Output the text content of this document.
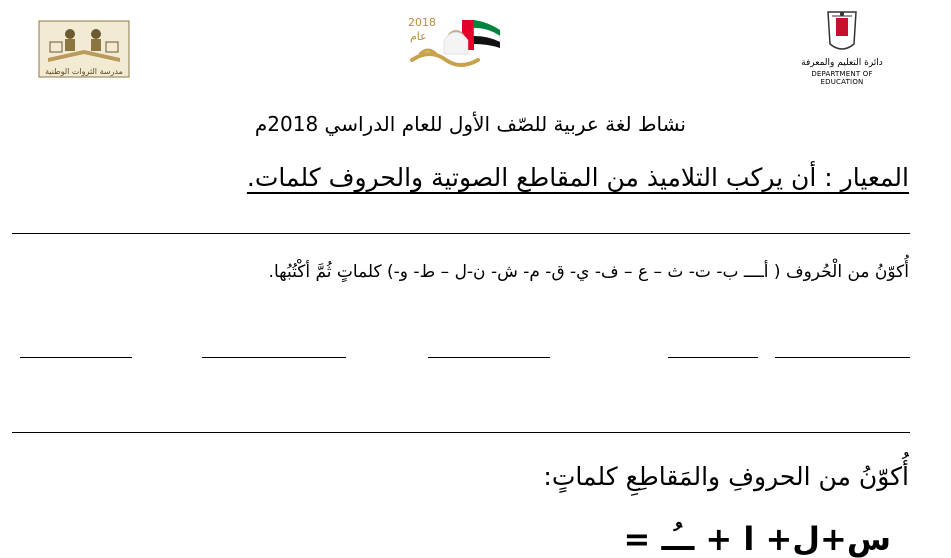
مدرسة الثروات الوطنية
2018
عام
دائرة التعليم والمعرفة
DEPARTMENT OF EDUCATION
نشاط لغة عربية للصّف الأول للعام الدراسي 2018م
المعيار : أن يركب التلاميذ من المقاطع الصوتية والحروف كلمات.
أُكوّنُ من الْحُروف ( أــــ ب- ت- ث – ع – ف- ي- ق- م- ش- ن-ل – ط- و-) كلماتٍ ثُمَّ أكْتُبُها.
أُكوّنُ من الحروفِ والمَقاطِعِ كلماتٍ:
س+ل+ ا + ــُـ =
